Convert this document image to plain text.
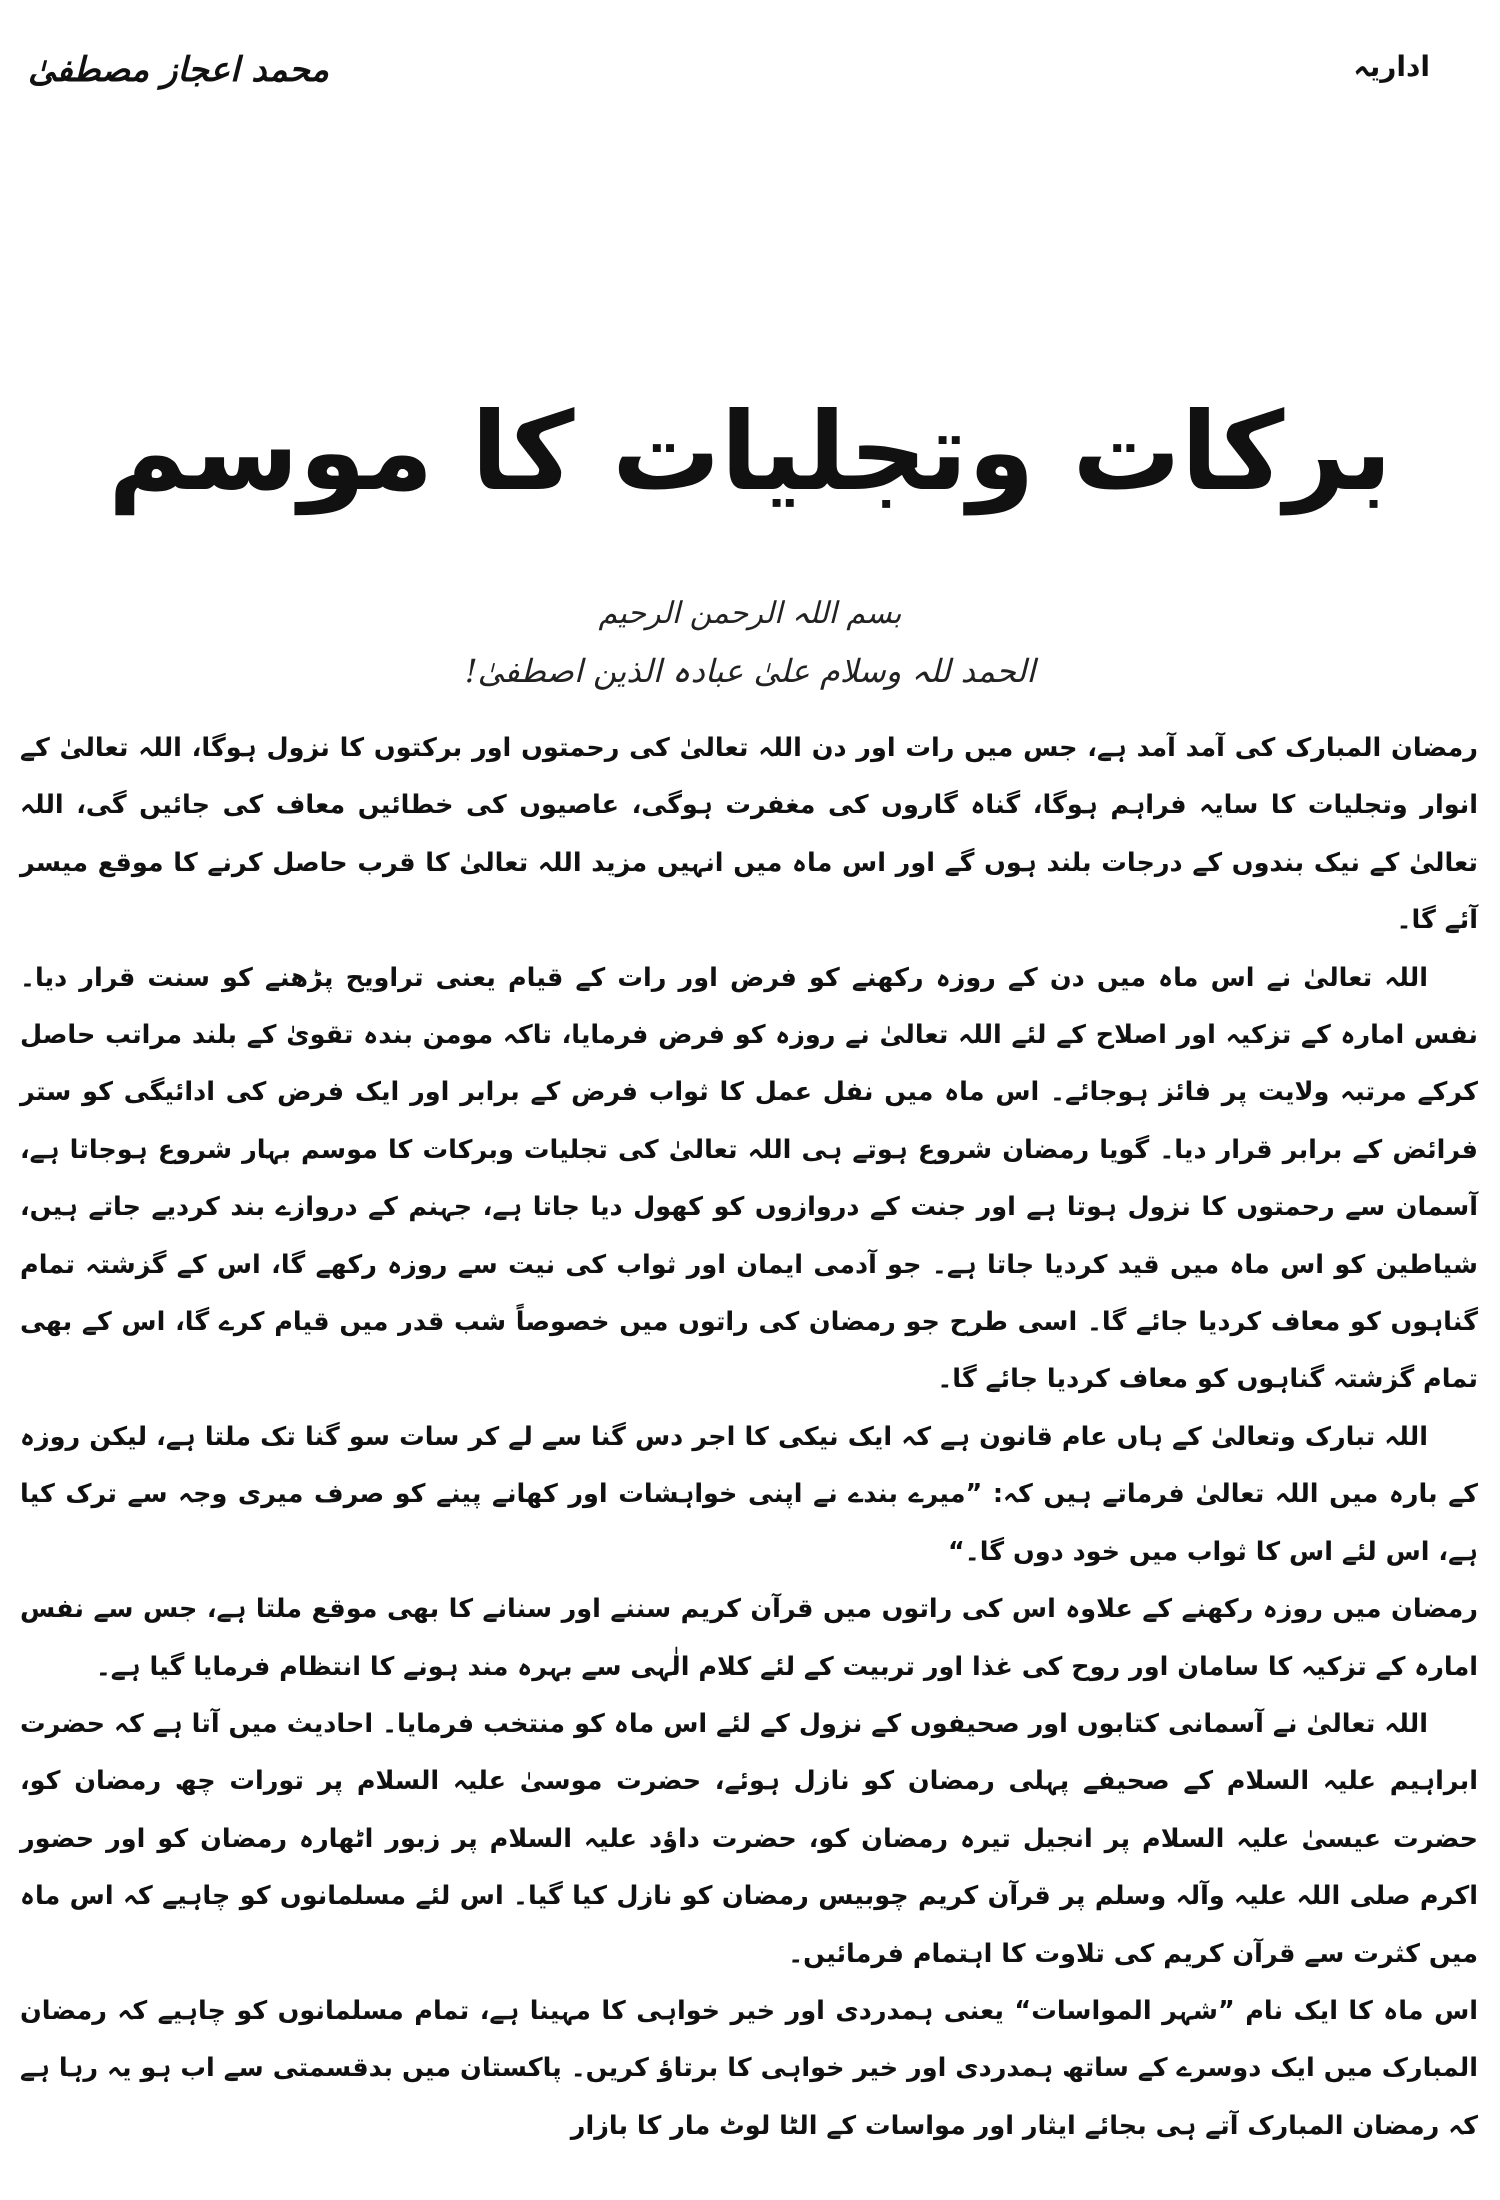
اداریہ
محمد اعجاز مصطفیٰ
برکات وتجلیات کا موسم
بسم اللہ الرحمن الرحیم
الحمد للہ وسلام علیٰ عبادہ الذین اصطفیٰ!

رمضان المبارک کی آمد آمد ہے، جس میں رات اور دن اللہ تعالیٰ کی رحمتوں اور برکتوں کا نزول ہوگا، اللہ تعالیٰ کے انوار وتجلیات کا سایہ فراہم ہوگا، گناہ گاروں کی مغفرت ہوگی، عاصیوں کی خطائیں معاف کی جائیں گی، اللہ تعالیٰ کے نیک بندوں کے درجات بلند ہوں گے اور اس ماہ میں انہیں مزید اللہ تعالیٰ کا قرب حاصل کرنے کا موقع میسر آئے گا۔

اللہ تعالیٰ نے اس ماہ میں دن کے روزہ رکھنے کو فرض اور رات کے قیام یعنی تراویح پڑھنے کو سنت قرار دیا۔ نفس امارہ کے تزکیہ اور اصلاح کے لئے اللہ تعالیٰ نے روزہ کو فرض فرمایا، تاکہ مومن بندہ تقویٰ کے بلند مراتب حاصل کرکے مرتبہ ولایت پر فائز ہوجائے۔ اس ماہ میں نفل عمل کا ثواب فرض کے برابر اور ایک فرض کی ادائیگی کو ستر فرائض کے برابر قرار دیا۔ گویا رمضان شروع ہوتے ہی اللہ تعالیٰ کی تجلیات وبرکات کا موسم بہار شروع ہوجاتا ہے، آسمان سے رحمتوں کا نزول ہوتا ہے اور جنت کے دروازوں کو کھول دیا جاتا ہے، جہنم کے دروازے بند کردیے جاتے ہیں، شیاطین کو اس ماہ میں قید کردیا جاتا ہے۔ جو آدمی ایمان اور ثواب کی نیت سے روزہ رکھے گا، اس کے گزشتہ تمام گناہوں کو معاف کردیا جائے گا۔ اسی طرح جو رمضان کی راتوں میں خصوصاً شب قدر میں قیام کرے گا، اس کے بھی تمام گزشتہ گناہوں کو معاف کردیا جائے گا۔

اللہ تبارک وتعالیٰ کے ہاں عام قانون ہے کہ ایک نیکی کا اجر دس گنا سے لے کر سات سو گنا تک ملتا ہے، لیکن روزہ کے بارہ میں اللہ تعالیٰ فرماتے ہیں کہ: ”میرے بندے نے اپنی خواہشات اور کھانے پینے کو صرف میری وجہ سے ترک کیا ہے، اس لئے اس کا ثواب میں خود دوں گا۔“

رمضان میں روزہ رکھنے کے علاوہ اس کی راتوں میں قرآن کریم سننے اور سنانے کا بھی موقع ملتا ہے، جس سے نفس امارہ کے تزکیہ کا سامان اور روح کی غذا اور تربیت کے لئے کلام الٰہی سے بہرہ مند ہونے کا انتظام فرمایا گیا ہے۔

اللہ تعالیٰ نے آسمانی کتابوں اور صحیفوں کے نزول کے لئے اس ماہ کو منتخب فرمایا۔ احادیث میں آتا ہے کہ حضرت ابراہیم علیہ السلام کے صحیفے پہلی رمضان کو نازل ہوئے، حضرت موسیٰ علیہ السلام پر تورات چھ رمضان کو، حضرت عیسیٰ علیہ السلام پر انجیل تیرہ رمضان کو، حضرت داؤد علیہ السلام پر زبور اٹھارہ رمضان کو اور حضور اکرم صلی اللہ علیہ وآلہ وسلم پر قرآن کریم چوبیس رمضان کو نازل کیا گیا۔ اس لئے مسلمانوں کو چاہیے کہ اس ماہ میں کثرت سے قرآن کریم کی تلاوت کا اہتمام فرمائیں۔

اس ماہ کا ایک نام ”شہر المواسات“ یعنی ہمدردی اور خیر خواہی کا مہینا ہے، تمام مسلمانوں کو چاہیے کہ رمضان المبارک میں ایک دوسرے کے ساتھ ہمدردی اور خیر خواہی کا برتاؤ کریں۔ پاکستان میں بدقسمتی سے اب ہو یہ رہا ہے کہ رمضان المبارک آتے ہی بجائے ایثار اور مواسات کے الٹا لوٹ مار کا بازار
